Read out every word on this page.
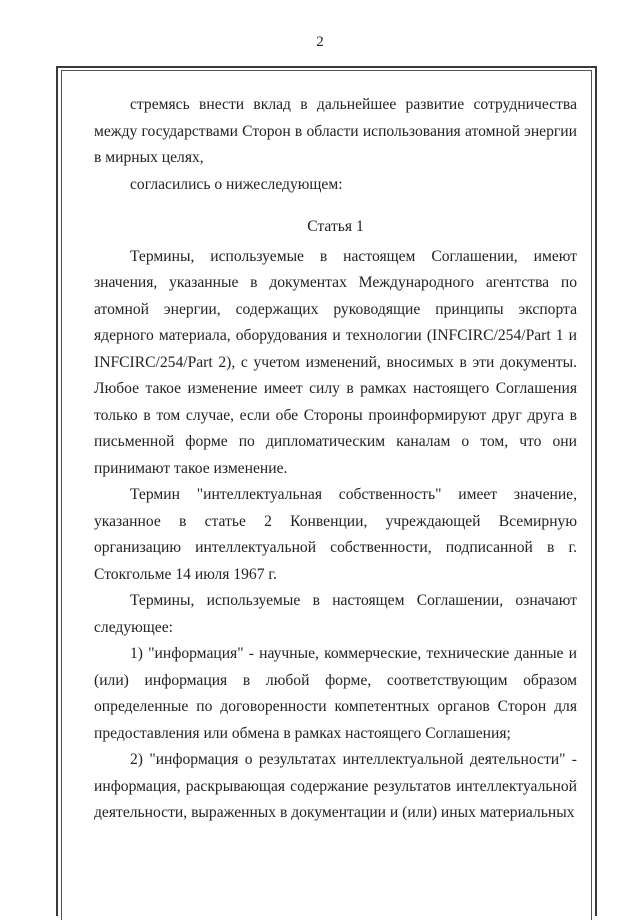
2

стремясь внести вклад в дальнейшее развитие сотрудничества между государствами Сторон в области использования атомной энергии в мирных целях,

согласились о нижеследующем:

Статья 1

Термины, используемые в настоящем Соглашении, имеют значения, указанные в документах Международного агентства по атомной энергии, содержащих руководящие принципы экспорта ядерного материала, оборудования и технологии (INFCIRC/254/Part 1 и INFCIRC/254/Part 2), с учетом изменений, вносимых в эти документы. Любое такое изменение имеет силу в рамках настоящего Соглашения только в том случае, если обе Стороны проинформируют друг друга в письменной форме по дипломатическим каналам о том, что они принимают такое изменение.

Термин "интеллектуальная собственность" имеет значение, указанное в статье 2 Конвенции, учреждающей Всемирную организацию интеллектуальной собственности, подписанной в г. Стокгольме 14 июля 1967 г.

Термины, используемые в настоящем Соглашении, означают следующее:

1) "информация" - научные, коммерческие, технические данные и (или) информация в любой форме, соответствующим образом определенные по договоренности компетентных органов Сторон для предоставления или обмена в рамках настоящего Соглашения;

2) "информация о результатах интеллектуальной деятельности" - информация, раскрывающая содержание результатов интеллектуальной деятельности, выраженных в документации и (или) иных материальных
